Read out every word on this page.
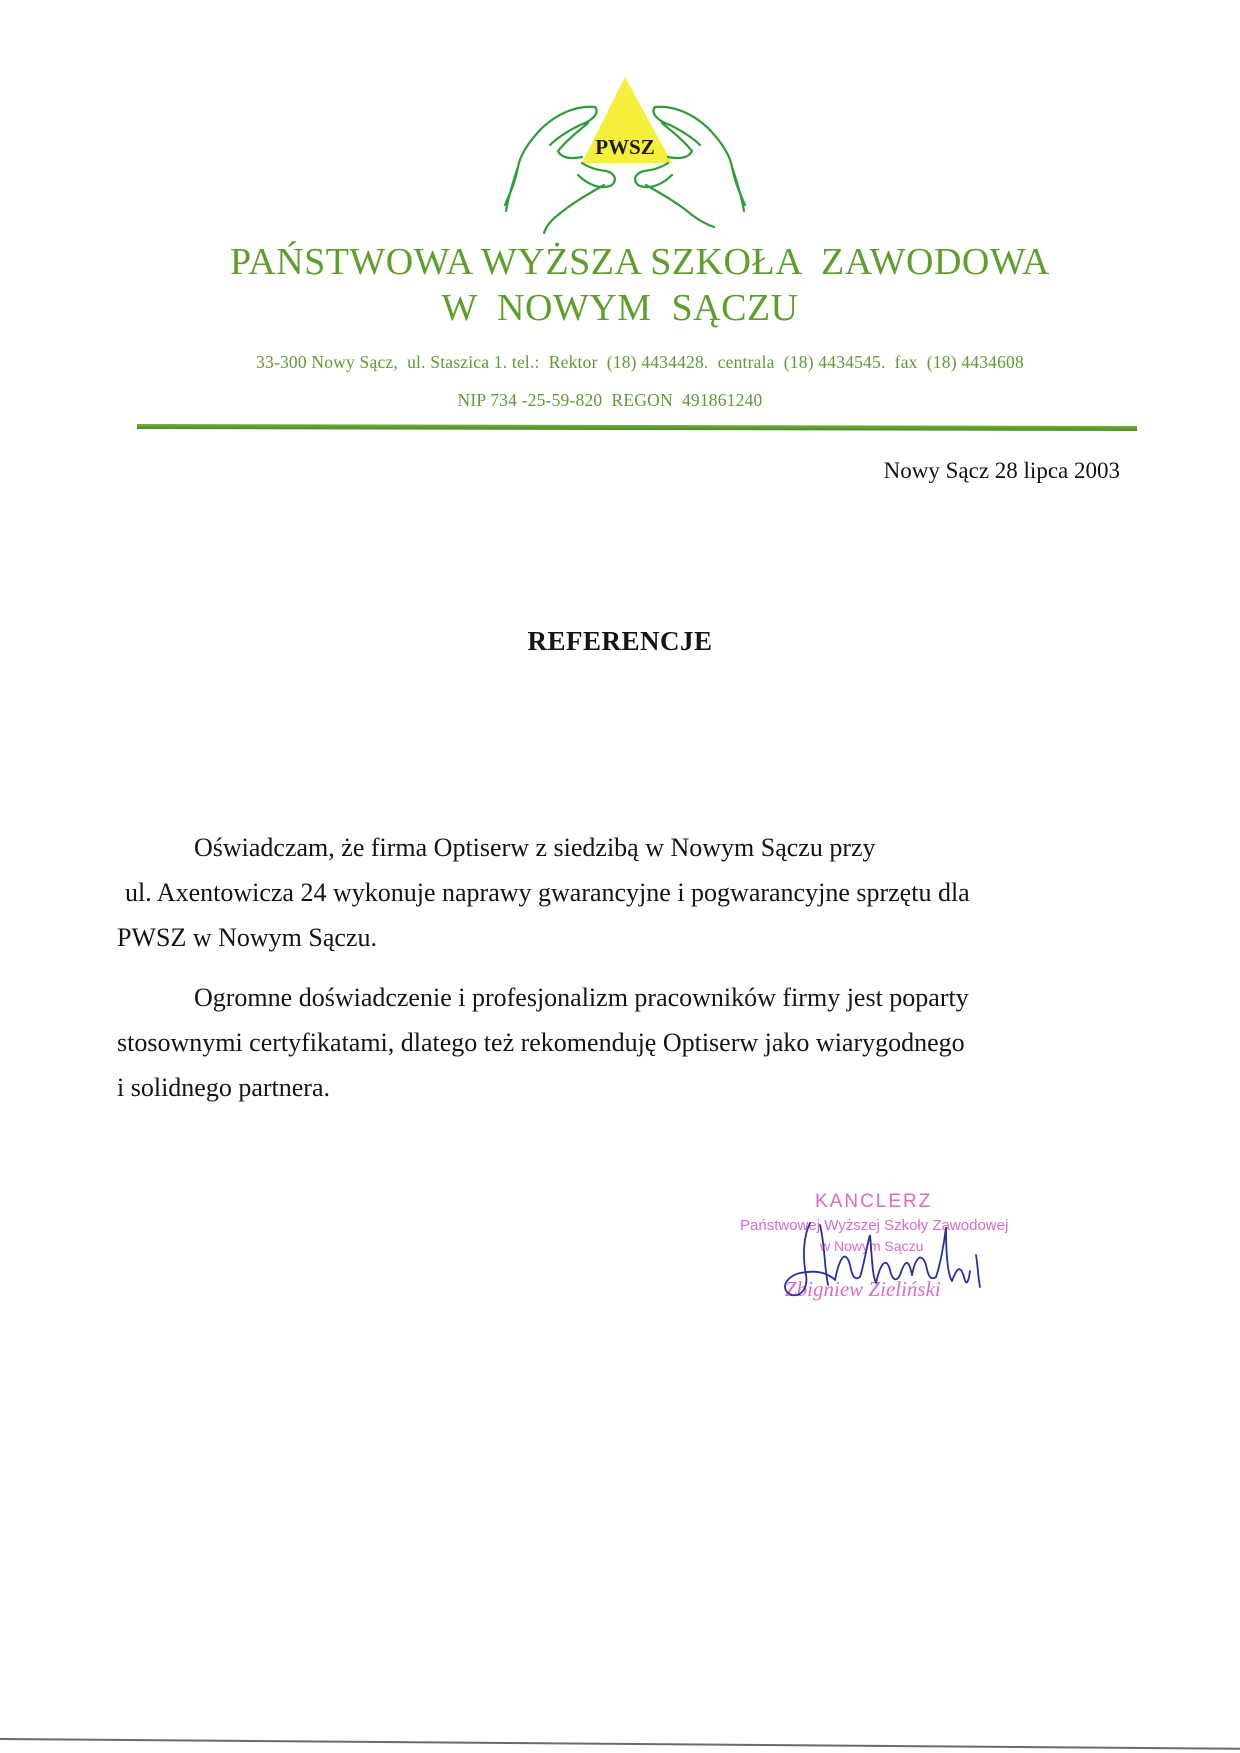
PWSZ
PAŃSTWOWA WYŻSZA SZKOŁA  ZAWODOWA
W  NOWYM  SĄCZU
33-300 Nowy Sącz,  ul. Staszica 1. tel.:  Rektor  (18) 4434428.  centrala  (18) 4434545.  fax  (18) 4434608
NIP 734 -25-59-820  REGON  491861240
Nowy Sącz 28 lipca 2003
REFERENCJE
Oświadczam, że firma Optiserw z siedzibą w Nowym Sączu przy
ul. Axentowicza 24 wykonuje naprawy gwarancyjne i pogwarancyjne sprzętu dla
PWSZ w Nowym Sączu.
Ogromne doświadczenie i profesjonalizm pracowników firmy jest poparty
stosownymi certyfikatami, dlatego też rekomenduję Optiserw jako wiarygodnego
i solidnego partnera.
KANCLERZ
Państwowej Wyższej Szkoły Zawodowej
w Nowym Sączu
Zbigniew Zieliński
